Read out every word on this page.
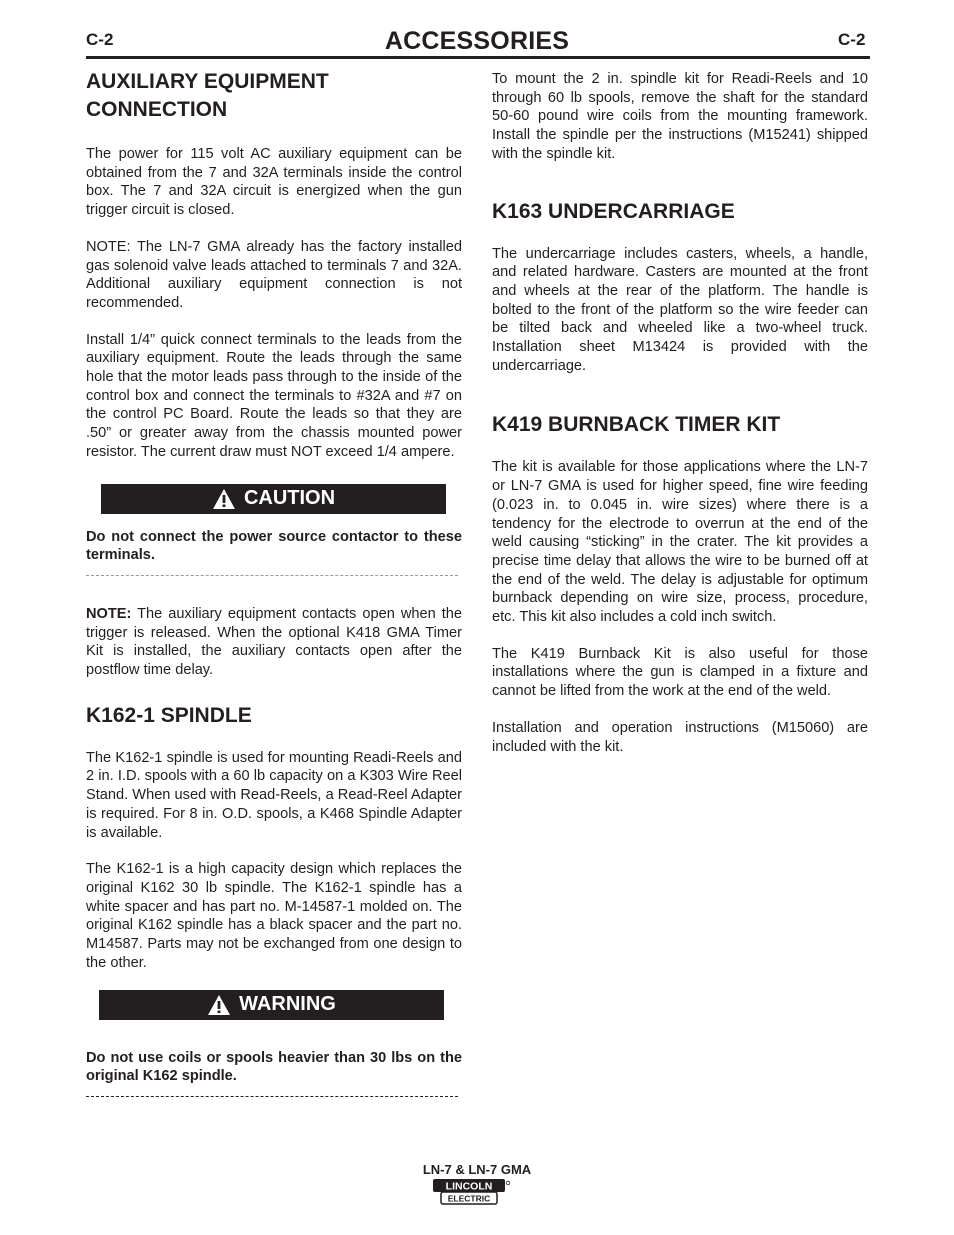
C-2	ACCESSORIES	C-2
AUXILIARY EQUIPMENT
CONNECTION

The power for 115 volt AC auxiliary equipment can be obtained from the 7 and 32A terminals inside the control box. The 7 and 32A circuit is energized when the gun trigger circuit is closed.

NOTE: The LN-7 GMA already has the factory installed gas solenoid valve leads attached to terminals 7 and 32A. Additional auxiliary equipment connection is not recommended.

Install 1/4” quick connect terminals to the leads from the auxiliary equipment. Route the leads through the same hole that the motor leads pass through to the inside of the control box and connect the terminals to #32A and #7 on the control PC Board. Route the leads so that they are .50” or greater away from the chassis mounted power resistor. The current draw must NOT exceed 1/4 ampere.

CAUTION

Do not connect the power source contactor to these terminals.

NOTE: The auxiliary equipment contacts open when the trigger is released. When the optional K418 GMA Timer Kit is installed, the auxiliary contacts open after the postflow time delay.

K162-1 SPINDLE

The K162-1 spindle is used for mounting Readi-Reels and 2 in. I.D. spools with a 60 lb capacity on a K303 Wire Reel Stand. When used with Read-Reels, a Read-Reel Adapter is required. For 8 in. O.D. spools, a K468 Spindle Adapter is available.

The K162-1 is a high capacity design which replaces the original K162 30 lb spindle. The K162-1 spindle has a white spacer and has part no. M-14587-1 molded on. The original K162 spindle has a black spacer and the part no. M14587. Parts may not be exchanged from one design to the other.

WARNING

Do not use coils or spools heavier than 30 lbs on the original K162 spindle.

To mount the 2 in. spindle kit for Readi-Reels and 10 through 60 lb spools, remove the shaft for the standard 50-60 pound wire coils from the mounting framework. Install the spindle per the instructions (M15241) shipped with the spindle kit.

K163 UNDERCARRIAGE

The undercarriage includes casters, wheels, a handle, and related hardware. Casters are mounted at the front and wheels at the rear of the platform. The handle is bolted to the front of the platform so the wire feeder can be tilted back and wheeled like a two-wheel truck. Installation sheet M13424 is provided with the undercarriage.

K419 BURNBACK TIMER KIT

The kit is available for those applications where the LN-7 or LN-7 GMA is used for higher speed, fine wire feeding (0.023 in. to 0.045 in. wire sizes) where there is a tendency for the electrode to overrun at the end of the weld causing “sticking” in the crater. The kit provides a precise time delay that allows the wire to be burned off at the end of the weld. The delay is adjustable for optimum burnback depending on wire size, process, procedure, etc. This kit also includes a cold inch switch.

The K419 Burnback Kit is also useful for those installations where the gun is clamped in a fixture and cannot be lifted from the work at the end of the weld.

Installation and operation instructions (M15060) are included with the kit.

LN-7 & LN-7 GMA
LINCOLN
ELECTRIC
